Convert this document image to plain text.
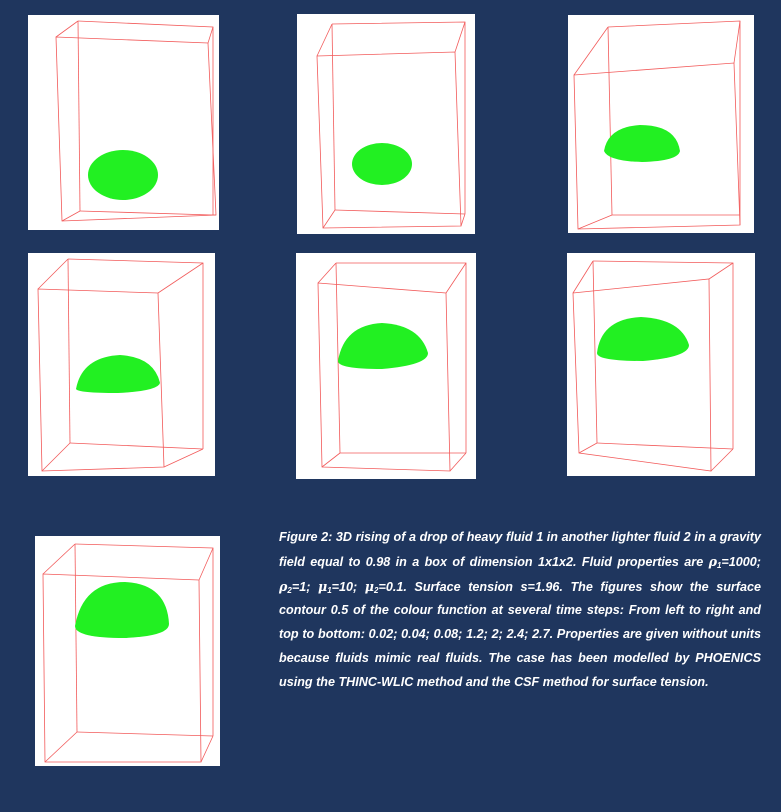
Figure 2: 3D rising of a drop of heavy fluid 1 in another lighter fluid 2 in a gravity field equal to 0.98 in a box of dimension 1x1x2. Fluid properties are $\rho_1=1000$; $\rho_2=1$; $\mu_1=10$; $\mu_2=0.1$. Surface tension s=1.96. The figures show the surface contour 0.5 of the colour function at several time steps: From left to right and top to bottom: 0.02; 0.04; 0.08; 1.2; 2; 2.4; 2.7. Properties are given without units because fluids mimic real fluids. The case has been modelled by PHOENICS using the THINC-WLIC method and the CSF method for surface tension.
